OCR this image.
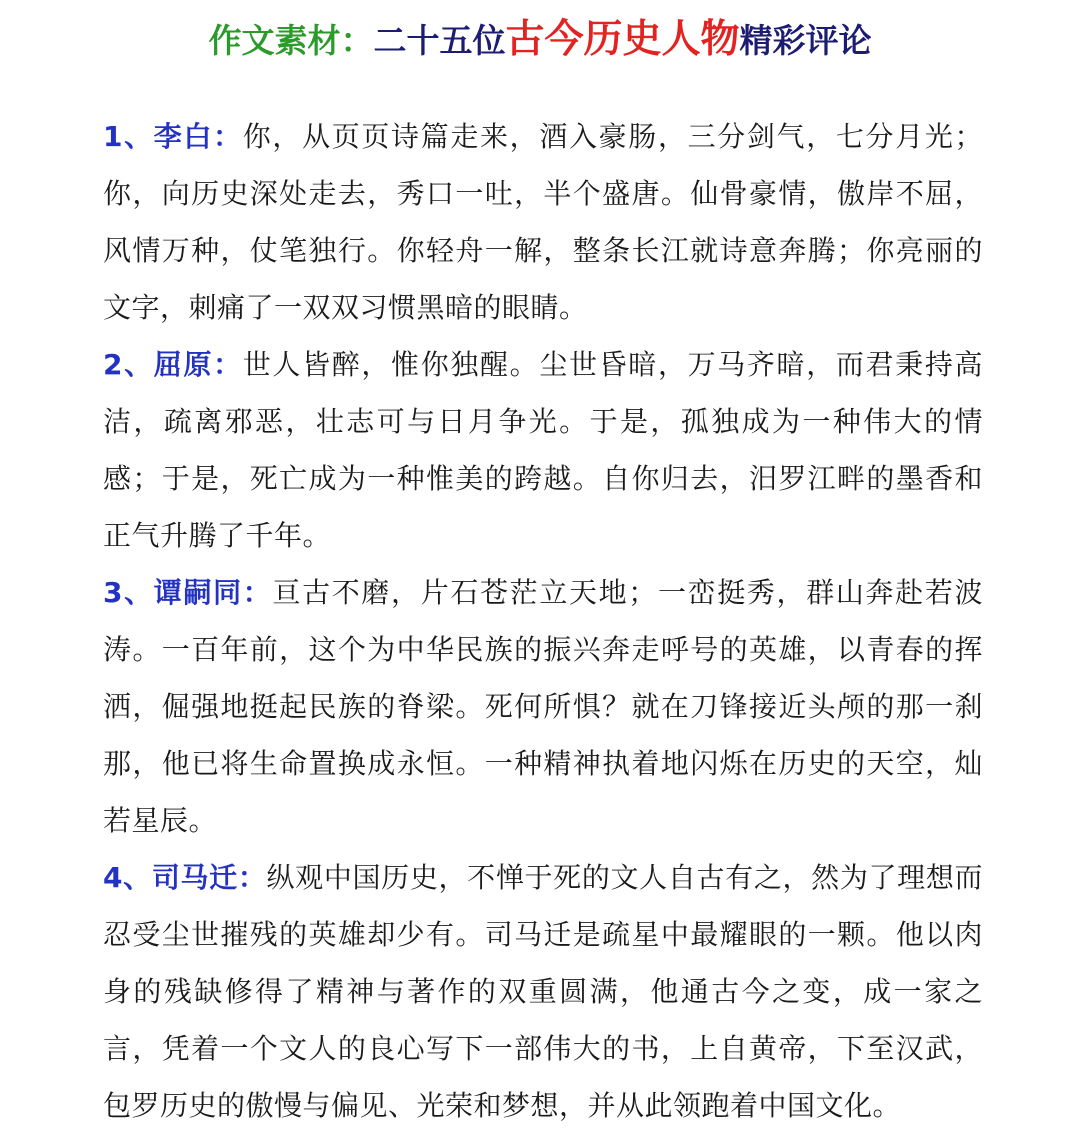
作文素材：二十五位古今历史人物精彩评论
1、李白：你，从页页诗篇走来，酒入豪肠，三分剑气，七分月光；你，向历史深处走去，秀口一吐，半个盛唐。仙骨豪情，傲岸不屈，风情万种，仗笔独行。你轻舟一解，整条长江就诗意奔腾；你亮丽的文字，刺痛了一双双习惯黑暗的眼睛。
2、屈原：世人皆醉，惟你独醒。尘世昏暗，万马齐暗，而君秉持高洁，疏离邪恶，壮志可与日月争光。于是，孤独成为一种伟大的情感；于是，死亡成为一种惟美的跨越。自你归去，汨罗江畔的墨香和正气升腾了千年。
3、谭嗣同：亘古不磨，片石苍茫立天地；一峦挺秀，群山奔赴若波涛。一百年前，这个为中华民族的振兴奔走呼号的英雄，以青春的挥洒，倔强地挺起民族的脊梁。死何所惧？就在刀锋接近头颅的那一刹那，他已将生命置换成永恒。一种精神执着地闪烁在历史的天空，灿若星辰。
4、司马迁：纵观中国历史，不惮于死的文人自古有之，然为了理想而忍受尘世摧残的英雄却少有。司马迁是疏星中最耀眼的一颗。他以肉身的残缺修得了精神与著作的双重圆满，他通古今之变，成一家之言，凭着一个文人的良心写下一部伟大的书，上自黄帝，下至汉武，包罗历史的傲慢与偏见、光荣和梦想，并从此领跑着中国文化。
